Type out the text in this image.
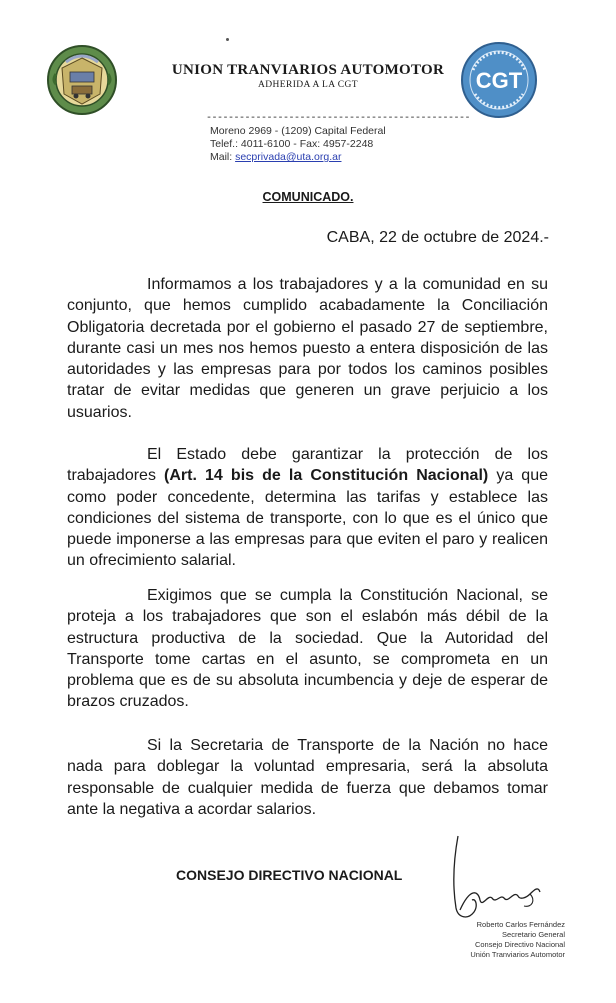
UNION TRANVIARIOS AUTOMOTOR
ADHERIDA A LA CGT	CGT
------------------------------------------------
Moreno 2969 - (1209) Capital Federal
Telef.: 4011-6100 - Fax: 4957-2248
Mail: secprivada@uta.org.ar
COMUNICADO.
CABA, 22 de octubre de 2024.-

Informamos a los trabajadores y a la comunidad en su conjunto, que hemos cumplido acabadamente la Conciliación Obligatoria decretada por el gobierno el pasado 27 de septiembre, durante casi un mes nos hemos puesto a entera disposición de las autoridades y las empresas para por todos los caminos posibles tratar de evitar medidas que generen un grave perjuicio a los usuarios.

El Estado debe garantizar la protección de los trabajadores (Art. 14 bis de la Constitución Nacional) ya que como poder concedente, determina las tarifas y establece las condiciones del sistema de transporte, con lo que es el único que puede imponerse a las empresas para que eviten el paro y realicen un ofrecimiento salarial.

Exigimos que se cumpla la Constitución Nacional, se proteja a los trabajadores que son el eslabón más débil de la estructura productiva de la sociedad. Que la Autoridad del Transporte tome cartas en el asunto, se comprometa en un problema que es de su absoluta incumbencia y deje de esperar de brazos cruzados.

Si la Secretaria de Transporte de la Nación no hace nada para doblegar la voluntad empresaria, será la absoluta responsable de cualquier medida de fuerza que debamos tomar ante la negativa a acordar salarios.

CONSEJO DIRECTIVO NACIONAL
Roberto Carlos Fernández
Secretario General
Consejo Directivo Nacional
Unión Tranviarios Automotor
